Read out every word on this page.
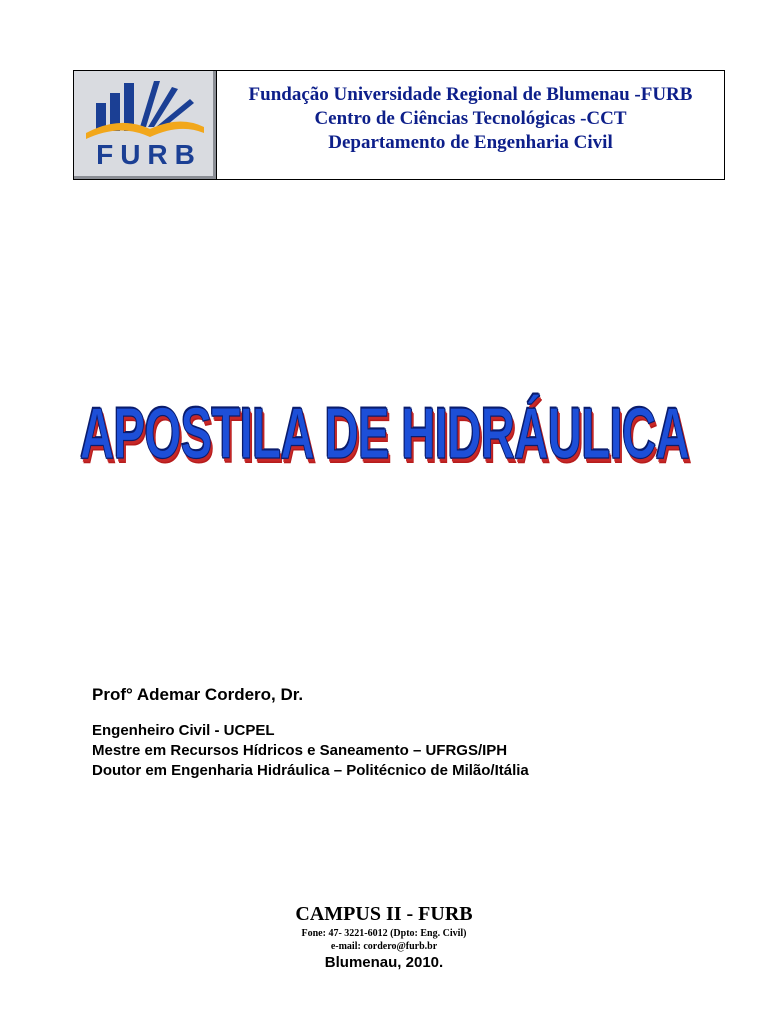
FURB
Fundação Universidade Regional de Blumenau -FURB
Centro de Ciências Tecnológicas -CCT
Departamento de Engenharia Civil
APOSTILA DE HIDRÁULICA
Prof° Ademar Cordero, Dr.
Engenheiro Civil - UCPEL
Mestre em Recursos Hídricos e Saneamento – UFRGS/IPH
Doutor em Engenharia Hidráulica – Politécnico de Milão/Itália
CAMPUS II - FURB
Fone: 47- 3221-6012 (Dpto: Eng. Civil)
e-mail: cordero@furb.br
Blumenau, 2010.
